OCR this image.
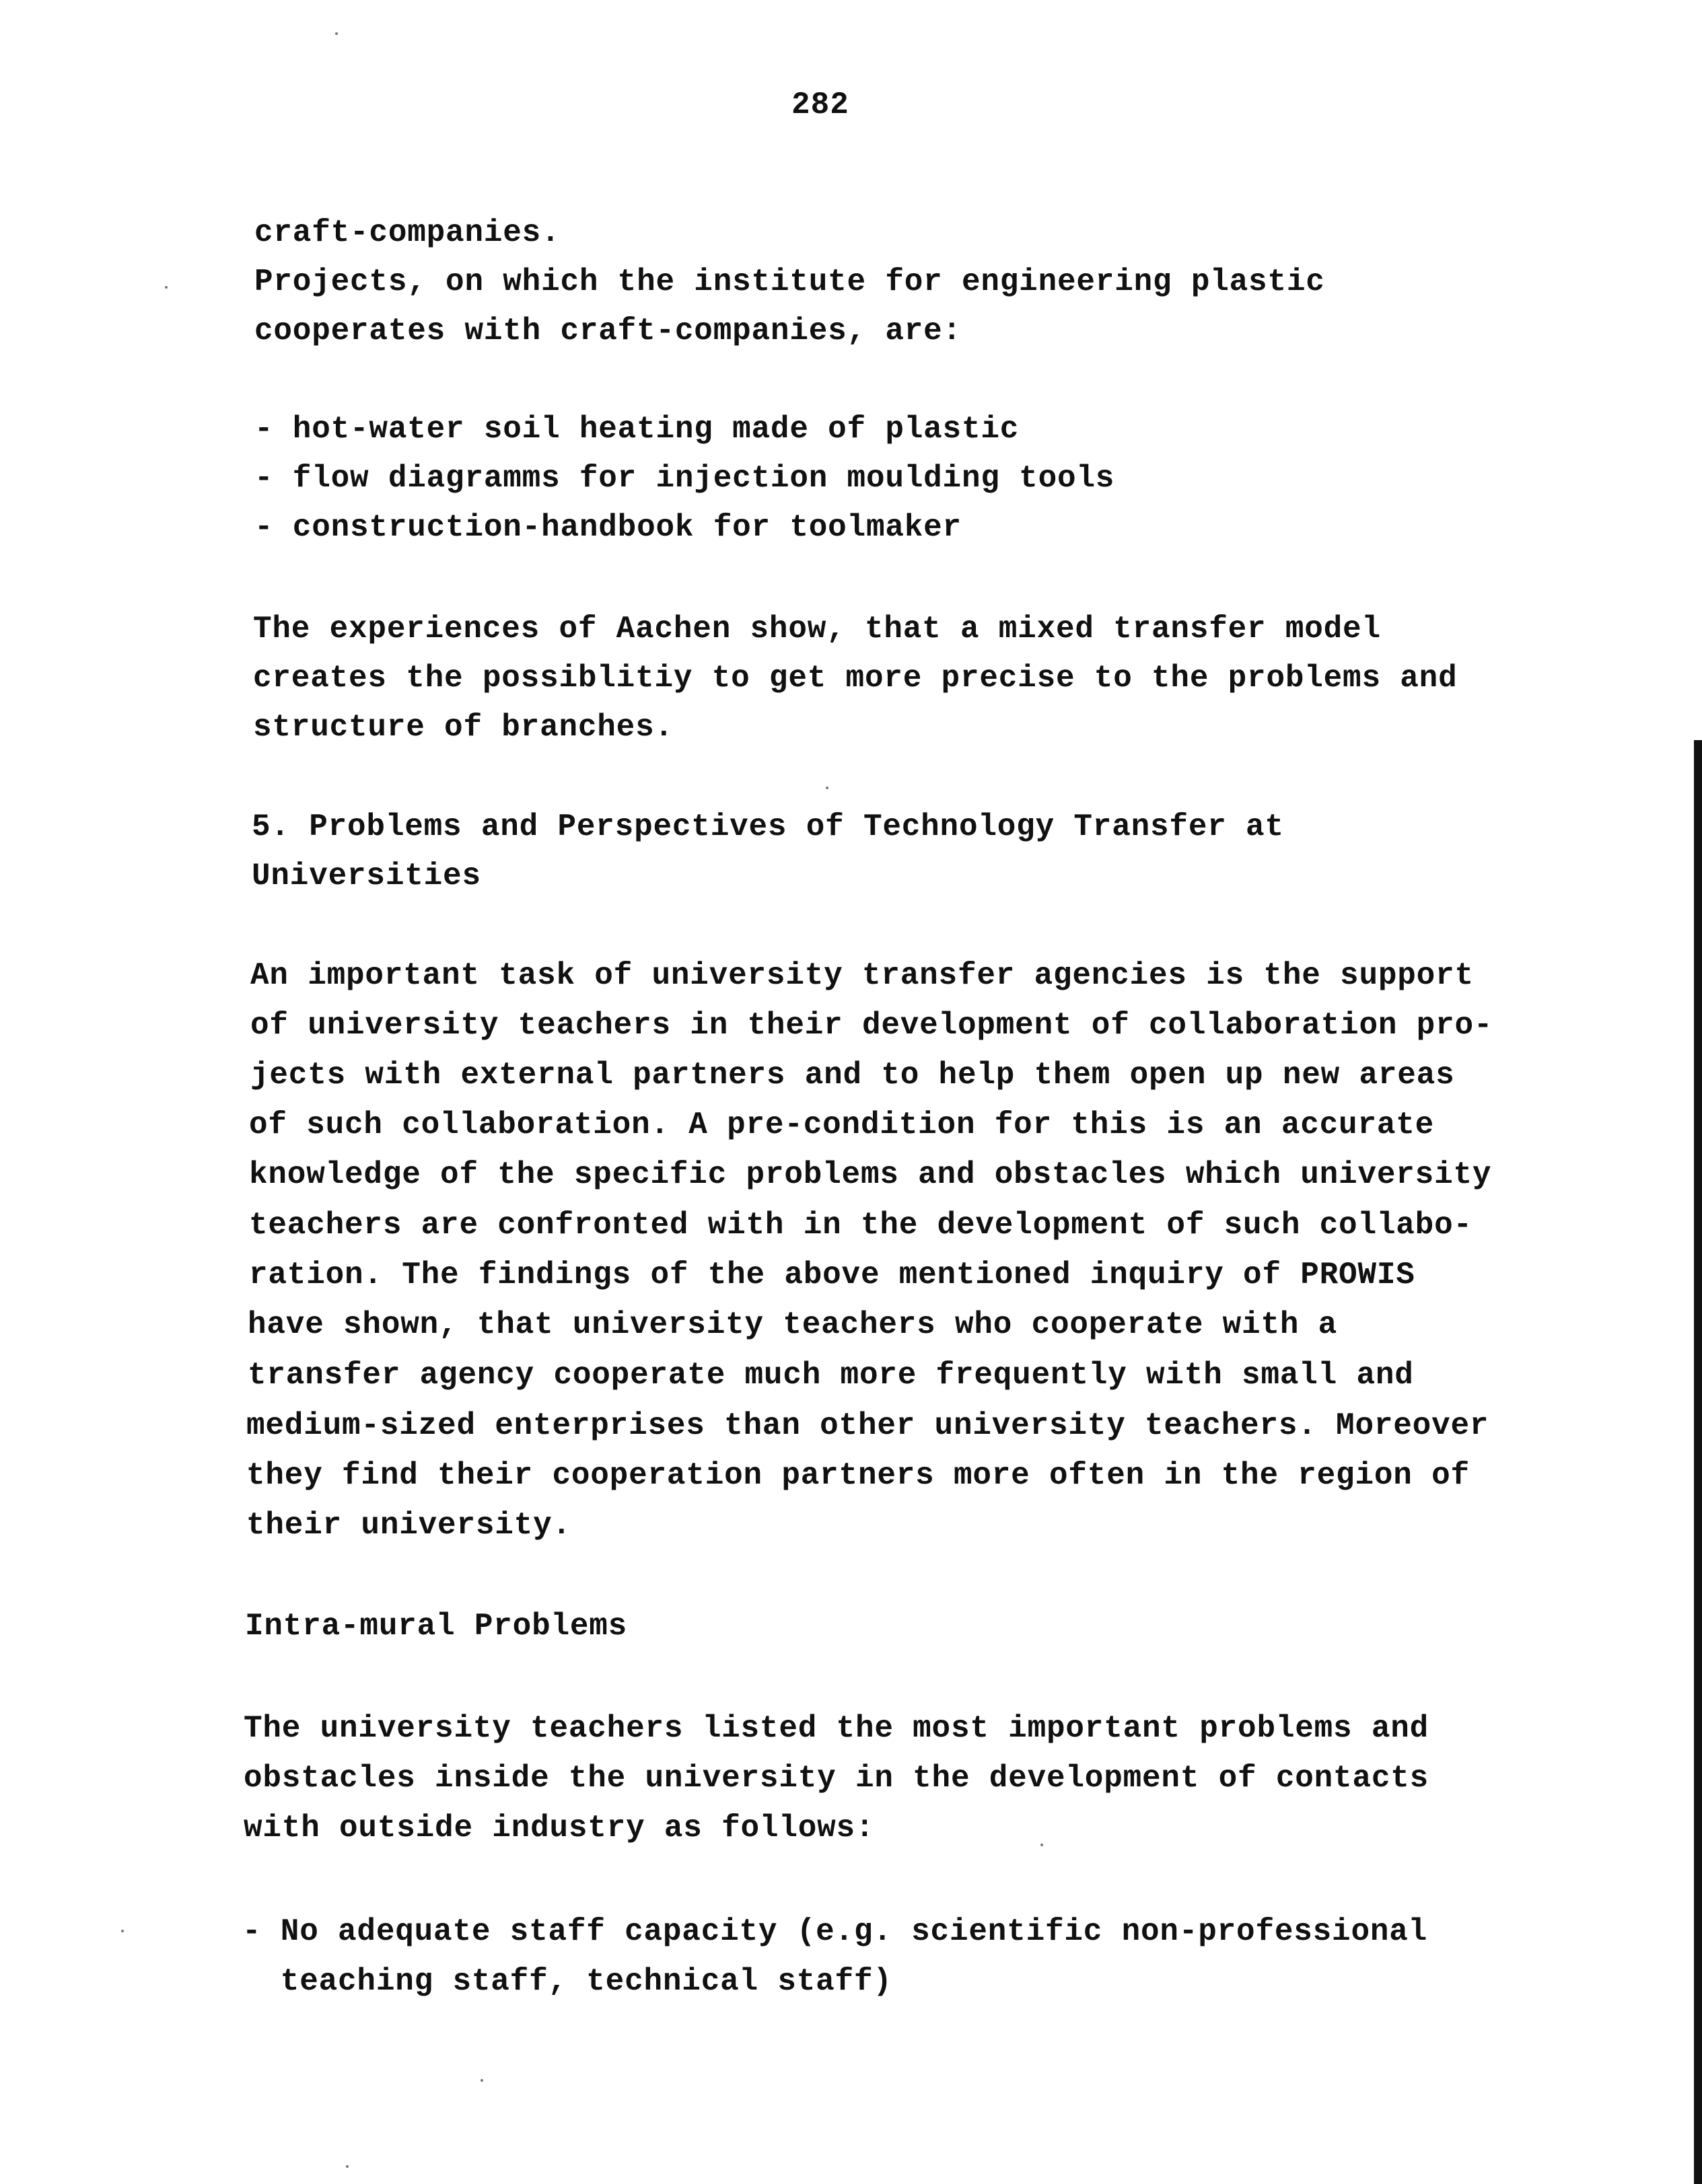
282
craft-companies.
Projects, on which the institute for engineering plastic
cooperates with craft-companies, are:
- hot-water soil heating made of plastic
- flow diagramms for injection moulding tools
- construction-handbook for toolmaker
The experiences of Aachen show, that a mixed transfer model
creates the possiblitiy to get more precise to the problems and
structure of branches.
5. Problems and Perspectives of Technology Transfer at
Universities
An important task of university transfer agencies is the support
of university teachers in their development of collaboration pro-
jects with external partners and to help them open up new areas
of such collaboration. A pre-condition for this is an accurate
knowledge of the specific problems and obstacles which university
teachers are confronted with in the development of such collabo-
ration. The findings of the above mentioned inquiry of PROWIS
have shown, that university teachers who cooperate with a
transfer agency cooperate much more frequently with small and
medium-sized enterprises than other university teachers. Moreover
they find their cooperation partners more often in the region of
their university.
Intra-mural Problems
The university teachers listed the most important problems and
obstacles inside the university in the development of contacts
with outside industry as follows:
- No adequate staff capacity (e.g. scientific non-professional
teaching staff, technical staff)
